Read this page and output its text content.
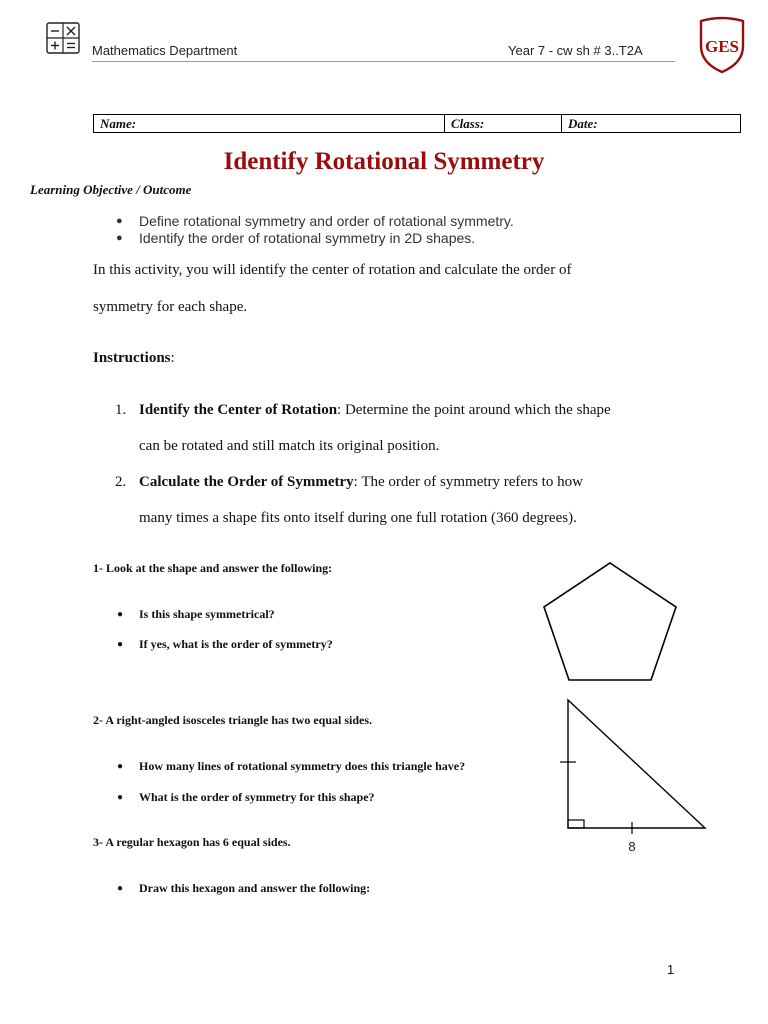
Mathematics Department	Year 7 - cw sh # 3..T2A	GES
Name:	Class:	Date:
Identify Rotational Symmetry
Learning Objective / Outcome
●	Define rotational symmetry and order of rotational symmetry.
●	Identify the order of rotational symmetry in 2D shapes.
In this activity, you will identify the center of rotation and calculate the order of
symmetry for each shape.
Instructions:
1. Identify the Center of Rotation: Determine the point around which the shape
can be rotated and still match its original position.
2. Calculate the Order of Symmetry: The order of symmetry refers to how
many times a shape fits onto itself during one full rotation (360 degrees).
1- Look at the shape and answer the following:
●	Is this shape symmetrical?
●	If yes, what is the order of symmetry?
2- A right-angled isosceles triangle has two equal sides.
●	How many lines of rotational symmetry does this triangle have?
●	What is the order of symmetry for this shape?
8
3- A regular hexagon has 6 equal sides.
●	Draw this hexagon and answer the following:
1
